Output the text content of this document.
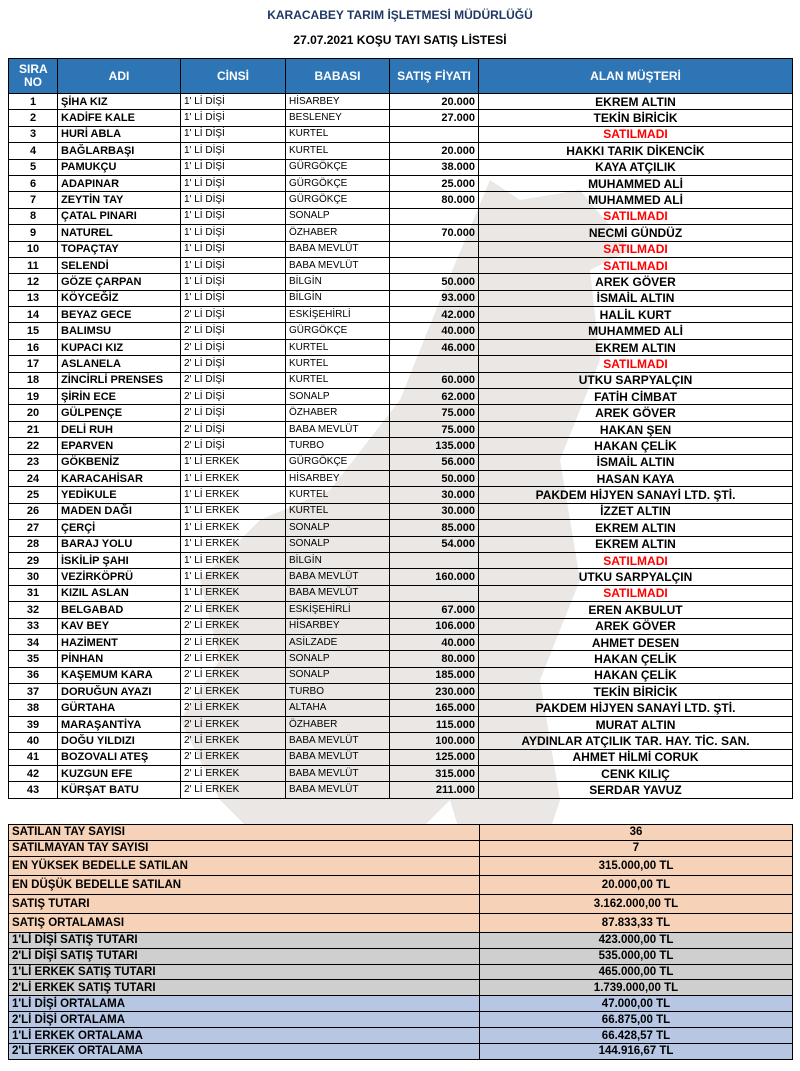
KARACABEY TARIM İŞLETMESİ MÜDÜRLÜĞÜ
27.07.2021 KOŞU TAYI SATIŞ LİSTESİ
SIRA NO	ADI	CİNSİ	BABASI	SATIŞ FİYATI	ALAN MÜŞTERİ
1	ŞİHA KIZ	1' Lİ DİŞİ	HİSARBEY	20.000	EKREM ALTIN
2	KADİFE KALE	1' Lİ DİŞİ	BESLENEY	27.000	TEKİN BİRİCİK
3	HURİ ABLA	1' Lİ DİŞİ	KURTEL		SATILMADI
4	BAĞLARBAŞI	1' Lİ DİŞİ	KURTEL	20.000	HAKKI TARIK DİKENCİK
5	PAMUKÇU	1' Lİ DİŞİ	GÜRGÖKÇE	38.000	KAYA ATÇILIK
6	ADAPINAR	1' Lİ DİŞİ	GÜRGÖKÇE	25.000	MUHAMMED ALİ
7	ZEYTİN TAY	1' Lİ DİŞİ	GÜRGÖKÇE	80.000	MUHAMMED ALİ
8	ÇATAL PINARI	1' Lİ DİŞİ	SONALP		SATILMADI
9	NATUREL	1' Lİ DİŞİ	ÖZHABER	70.000	NECMİ GÜNDÜZ
10	TOPAÇTAY	1' Lİ DİŞİ	BABA MEVLÜT		SATILMADI
11	SELENDİ	1' Lİ DİŞİ	BABA MEVLÜT		SATILMADI
12	GÖZE ÇARPAN	1' Lİ DİŞİ	BİLGİN	50.000	AREK GÖVER
13	KÖYCEĞİZ	1' Lİ DİŞİ	BİLGİN	93.000	İSMAİL ALTIN
14	BEYAZ GECE	2' Lİ DİŞİ	ESKİŞEHİRLİ	42.000	HALİL KURT
15	BALIMSU	2' Lİ DİŞİ	GÜRGÖKÇE	40.000	MUHAMMED ALİ
16	KUPACI KIZ	2' Lİ DİŞİ	KURTEL	46.000	EKREM ALTIN
17	ASLANELA	2' Lİ DİŞİ	KURTEL		SATILMADI
18	ZİNCİRLİ PRENSES	2' Lİ DİŞİ	KURTEL	60.000	UTKU SARPYALÇIN
19	ŞİRİN ECE	2' Lİ DİŞİ	SONALP	62.000	FATİH CİMBAT
20	GÜLPENÇE	2' Lİ DİŞİ	ÖZHABER	75.000	AREK GÖVER
21	DELİ RUH	2' Lİ DİŞİ	BABA MEVLÜT	75.000	HAKAN ŞEN
22	EPARVEN	2' Lİ DİŞİ	TURBO	135.000	HAKAN ÇELİK
23	GÖKBENİZ	1' Lİ ERKEK	GÜRGÖKÇE	56.000	İSMAİL ALTIN
24	KARACAHİSAR	1' Lİ ERKEK	HİSARBEY	50.000	HASAN KAYA
25	YEDİKULE	1' Lİ ERKEK	KURTEL	30.000	PAKDEM HİJYEN SANAYİ LTD. ŞTİ.
26	MADEN DAĞI	1' Lİ ERKEK	KURTEL	30.000	İZZET ALTIN
27	ÇERÇİ	1' Lİ ERKEK	SONALP	85.000	EKREM ALTIN
28	BARAJ YOLU	1' Lİ ERKEK	SONALP	54.000	EKREM ALTIN
29	İSKİLİP ŞAHI	1' Lİ ERKEK	BİLGİN		SATILMADI
30	VEZİRKÖPRÜ	1' Lİ ERKEK	BABA MEVLÜT	160.000	UTKU SARPYALÇIN
31	KIZIL ASLAN	1' Lİ ERKEK	BABA MEVLÜT		SATILMADI
32	BELGABAD	2' Lİ ERKEK	ESKİŞEHİRLİ	67.000	EREN AKBULUT
33	KAV BEY	2' Lİ ERKEK	HİSARBEY	106.000	AREK GÖVER
34	HAZİMENT	2' Lİ ERKEK	ASİLZADE	40.000	AHMET DESEN
35	PİNHAN	2' Lİ ERKEK	SONALP	80.000	HAKAN ÇELİK
36	KAŞEMUM KARA	2' Lİ ERKEK	SONALP	185.000	HAKAN ÇELİK
37	DORUĞUN AYAZI	2' Lİ ERKEK	TURBO	230.000	TEKİN BİRİCİK
38	GÜRTAHA	2' Lİ ERKEK	ALTAHA	165.000	PAKDEM HİJYEN SANAYİ LTD. ŞTİ.
39	MARAŞANTİYA	2' Lİ ERKEK	ÖZHABER	115.000	MURAT ALTIN
40	DOĞU YILDIZI	2' Lİ ERKEK	BABA MEVLÜT	100.000	AYDINLAR ATÇILIK TAR. HAY. TİC. SAN.
41	BOZOVALI ATEŞ	2' Lİ ERKEK	BABA MEVLÜT	125.000	AHMET HİLMİ CORUK
42	KUZGUN EFE	2' Lİ ERKEK	BABA MEVLÜT	315.000	CENK KILIÇ
43	KÜRŞAT BATU	2' Lİ ERKEK	BABA MEVLÜT	211.000	SERDAR YAVUZ
SATILAN TAY SAYISI	36
SATILMAYAN TAY SAYISI	7
EN YÜKSEK BEDELLE SATILAN	315.000,00 TL
EN DÜŞÜK BEDELLE SATILAN	20.000,00 TL
SATIŞ TUTARI	3.162.000,00 TL
SATIŞ ORTALAMASI	87.833,33 TL
1'Lİ DİŞİ SATIŞ TUTARI	423.000,00 TL
2'Lİ DİŞİ SATIŞ TUTARI	535.000,00 TL
1'Lİ ERKEK SATIŞ TUTARI	465.000,00 TL
2'Lİ ERKEK SATIŞ TUTARI	1.739.000,00 TL
1'Lİ DİŞİ ORTALAMA	47.000,00 TL
2'Lİ DİŞİ ORTALAMA	66.875,00 TL
1'Lİ ERKEK ORTALAMA	66.428,57 TL
2'Lİ ERKEK ORTALAMA	144.916,67 TL
